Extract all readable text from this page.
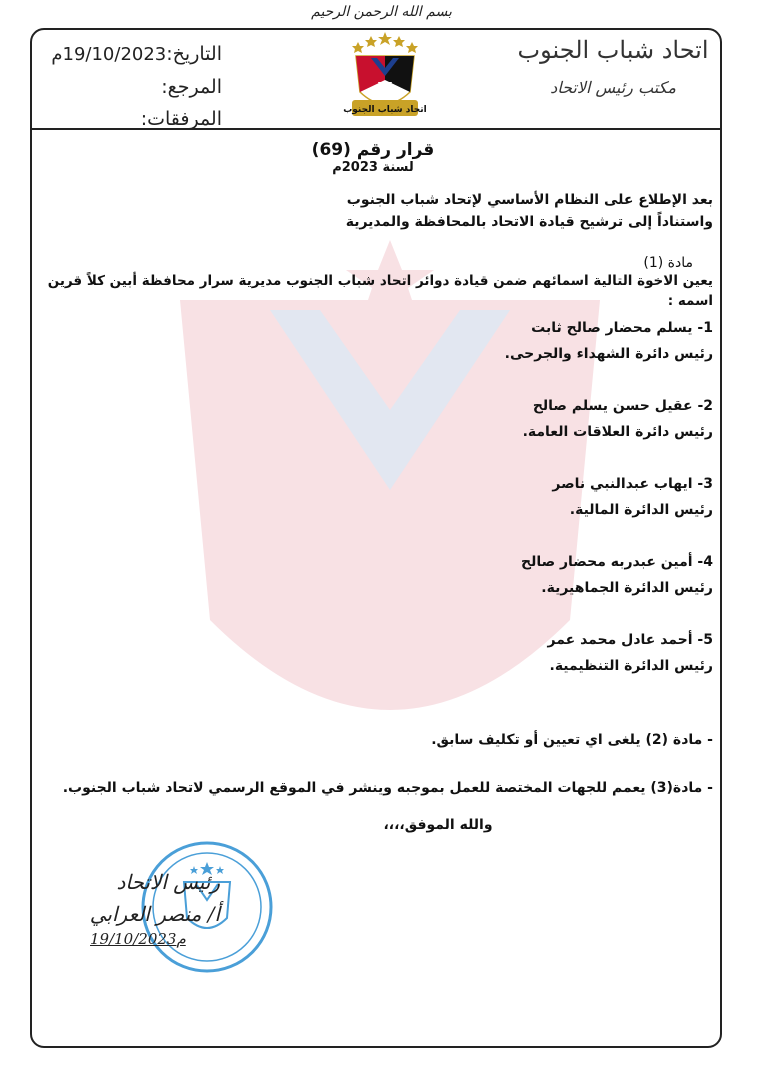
بسم الله الرحمن الرحيم
اتحاد شباب الجنوب
مكتب رئيس الاتحاد
التاريخ:19/10/2023م
المرجع:
المرفقات:	اتحاد شباب الجنوب
قرار رقم (69)
لسنة 2023م
بعد الإطلاع على النظام الأساسي لإتحاد شباب الجنوب
واستناداً إلى ترشيح قيادة الاتحاد بالمحافظة والمديرية
مادة (1)
يعين الاخوة التالية اسمائهم ضمن قيادة دوائر اتحاد شباب الجنوب مديرية سرار محافظة أبين كلاً قرين اسمه :
1- يسلم محضار صالح ثابت
رئيس دائرة الشهداء والجرحى.
2- عقيل حسن يسلم صالح
رئيس دائرة العلاقات العامة.
3- ايهاب عبدالنبي ناصر
رئيس الدائرة المالية.
4- أمين عبدربه محضار صالح
رئيس الدائرة الجماهيرية.
5- أحمد عادل محمد عمر
رئيس الدائرة التنظيمية.
- مادة (2) يلغى اي تعيين أو تكليف سابق.
- مادة(3) يعمم للجهات المختصة للعمل بموجبه وينشر في الموقع الرسمي لاتحاد شباب الجنوب.
والله الموفق،،،،
رئيس الاتحاد
أ/ منصر العرابي
19/10/2023م
